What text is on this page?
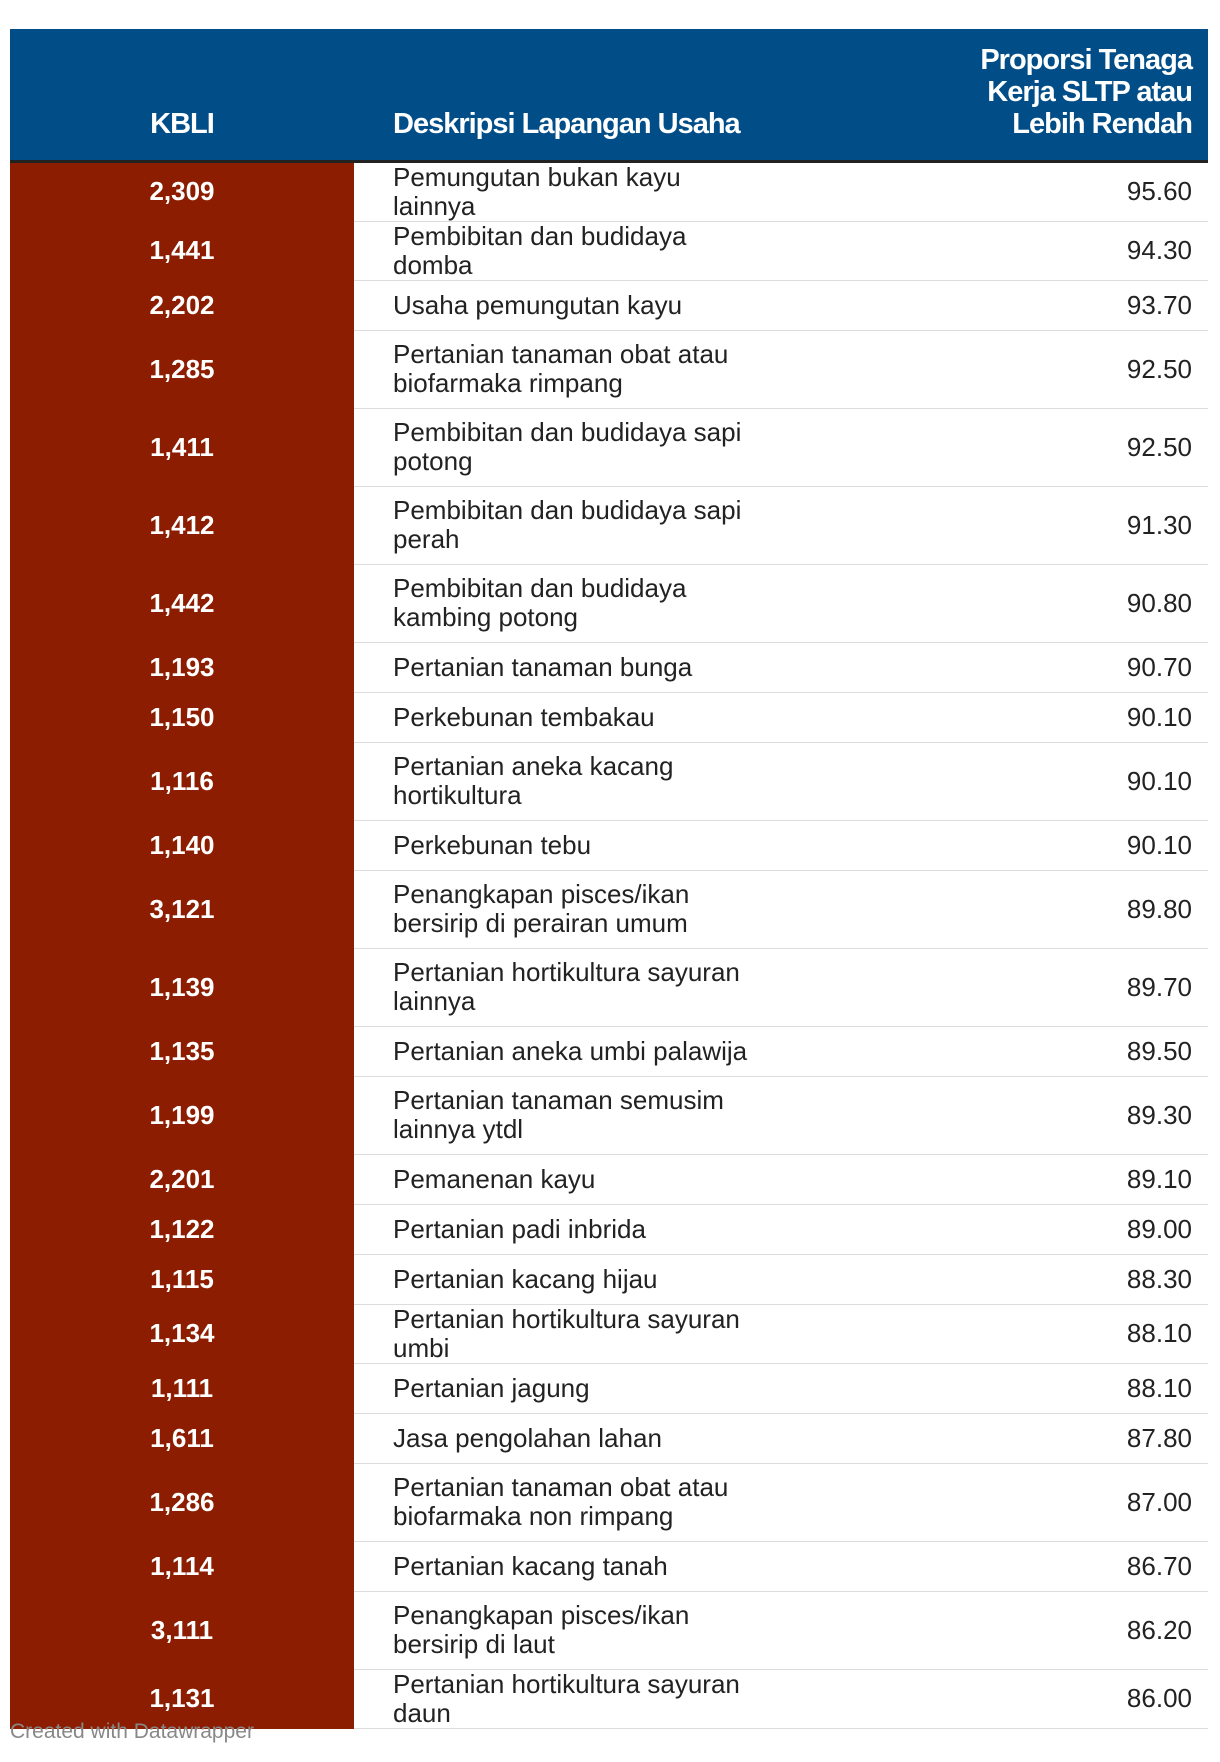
KBLI	Deskripsi Lapangan Usaha	Proporsi Tenaga Kerja SLTP atau Lebih Rendah

2,309	Pemungutan bukan kayu lainnya	95.60
1,441	Pembibitan dan budidaya domba	94.30
2,202	Usaha pemungutan kayu	93.70
1,285	Pertanian tanaman obat atau biofarmaka rimpang	92.50
1,411	Pembibitan dan budidaya sapi potong	92.50
1,412	Pembibitan dan budidaya sapi perah	91.30
1,442	Pembibitan dan budidaya kambing potong	90.80
1,193	Pertanian tanaman bunga	90.70
1,150	Perkebunan tembakau	90.10
1,116	Pertanian aneka kacang hortikultura	90.10
1,140	Perkebunan tebu	90.10
3,121	Penangkapan pisces/ikan bersirip di perairan umum	89.80
1,139	Pertanian hortikultura sayuran lainnya	89.70
1,135	Pertanian aneka umbi palawija	89.50
1,199	Pertanian tanaman semusim lainnya ytdl	89.30
2,201	Pemanenan kayu	89.10
1,122	Pertanian padi inbrida	89.00
1,115	Pertanian kacang hijau	88.30
1,134	Pertanian hortikultura sayuran umbi	88.10
1,111	Pertanian jagung	88.10
1,611	Jasa pengolahan lahan	87.80
1,286	Pertanian tanaman obat atau biofarmaka non rimpang	87.00
1,114	Pertanian kacang tanah	86.70
3,111	Penangkapan pisces/ikan bersirip di laut	86.20
1,131	Pertanian hortikultura sayuran daun	86.00
Created with Datawrapper
